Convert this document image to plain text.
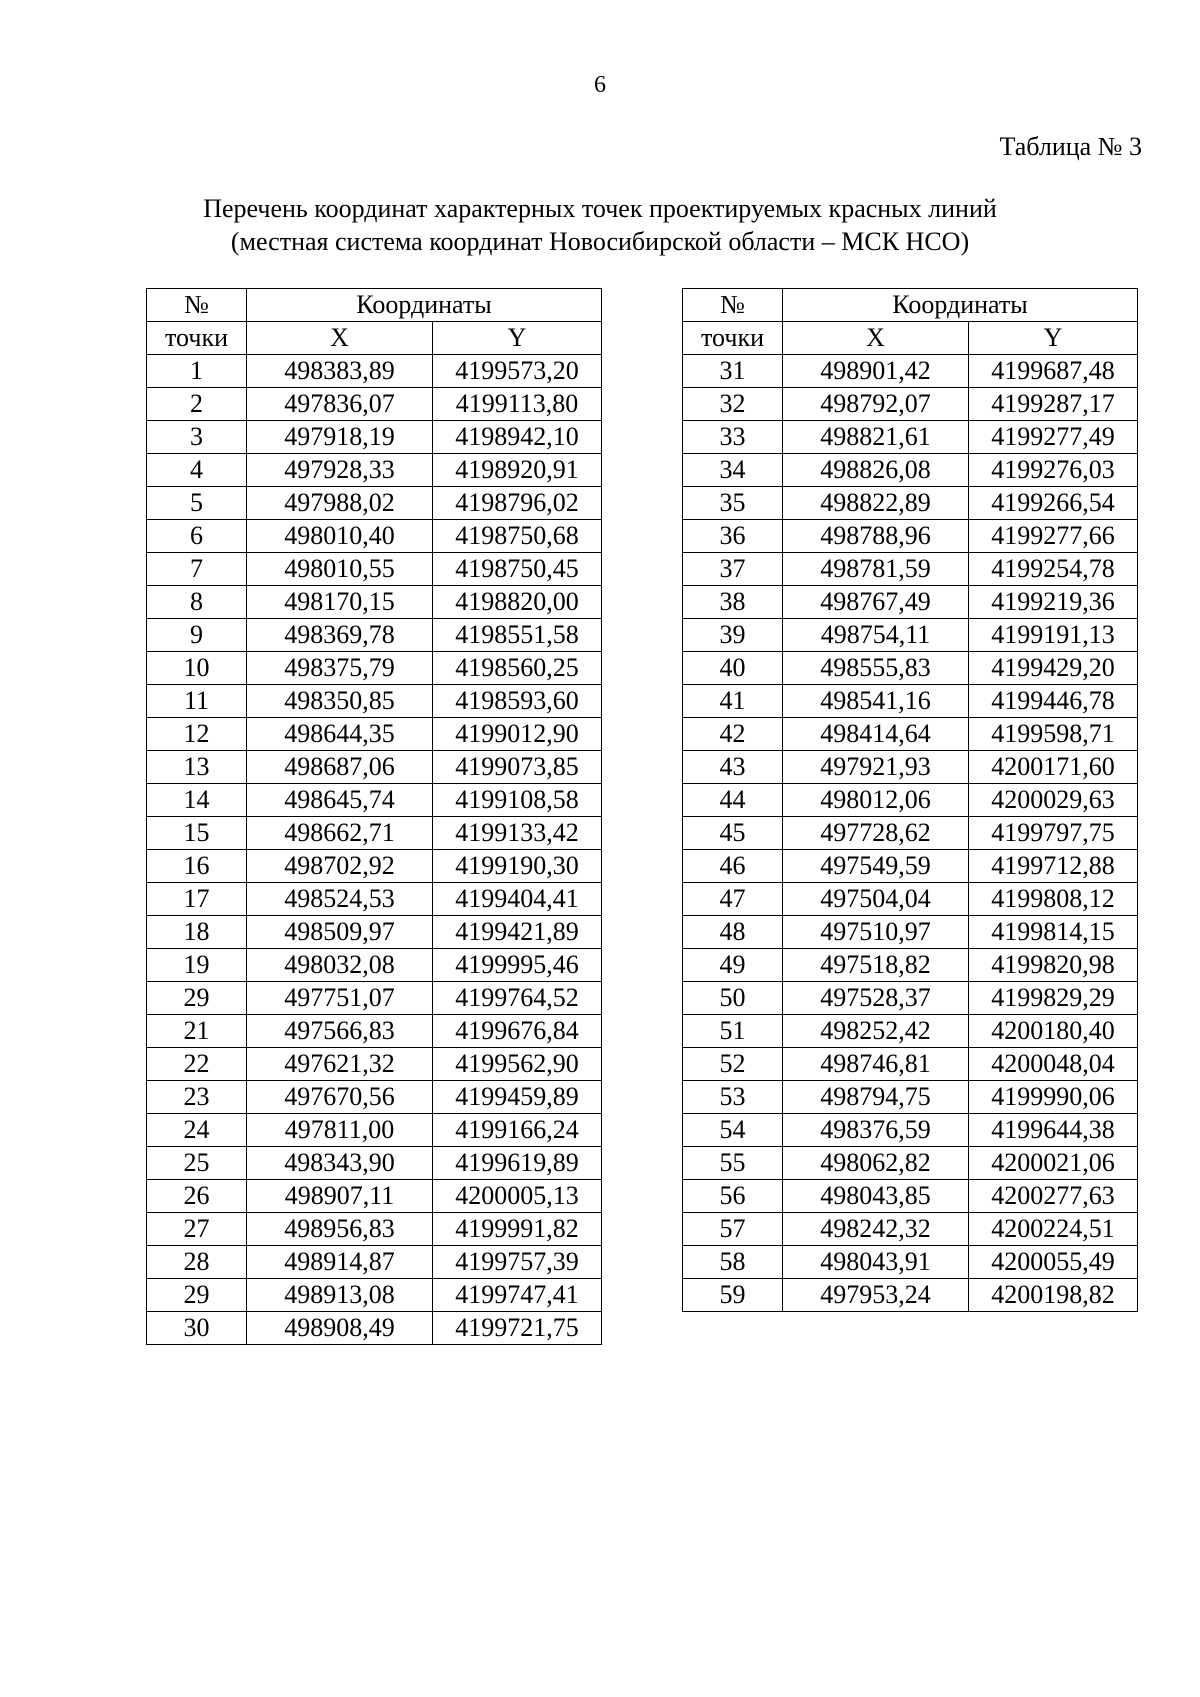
6
Таблица № 3
Перечень координат характерных точек проектируемых красных линий
(местная система координат Новосибирской области – МСК НСО)
№	Координаты	
точки	X	Y
1	498383,89	4199573,20
2	497836,07	4199113,80
3	497918,19	4198942,10
4	497928,33	4198920,91
5	497988,02	4198796,02
6	498010,40	4198750,68
7	498010,55	4198750,45
8	498170,15	4198820,00
9	498369,78	4198551,58
10	498375,79	4198560,25
11	498350,85	4198593,60
12	498644,35	4199012,90
13	498687,06	4199073,85
14	498645,74	4199108,58
15	498662,71	4199133,42
16	498702,92	4199190,30
17	498524,53	4199404,41
18	498509,97	4199421,89
19	498032,08	4199995,46
29	497751,07	4199764,52
21	497566,83	4199676,84
22	497621,32	4199562,90
23	497670,56	4199459,89
24	497811,00	4199166,24
25	498343,90	4199619,89
26	498907,11	4200005,13
27	498956,83	4199991,82
28	498914,87	4199757,39
29	498913,08	4199747,41
30	498908,49	4199721,75
№	Координаты	
точки	X	Y
31	498901,42	4199687,48
32	498792,07	4199287,17
33	498821,61	4199277,49
34	498826,08	4199276,03
35	498822,89	4199266,54
36	498788,96	4199277,66
37	498781,59	4199254,78
38	498767,49	4199219,36
39	498754,11	4199191,13
40	498555,83	4199429,20
41	498541,16	4199446,78
42	498414,64	4199598,71
43	497921,93	4200171,60
44	498012,06	4200029,63
45	497728,62	4199797,75
46	497549,59	4199712,88
47	497504,04	4199808,12
48	497510,97	4199814,15
49	497518,82	4199820,98
50	497528,37	4199829,29
51	498252,42	4200180,40
52	498746,81	4200048,04
53	498794,75	4199990,06
54	498376,59	4199644,38
55	498062,82	4200021,06
56	498043,85	4200277,63
57	498242,32	4200224,51
58	498043,91	4200055,49
59	497953,24	4200198,82
